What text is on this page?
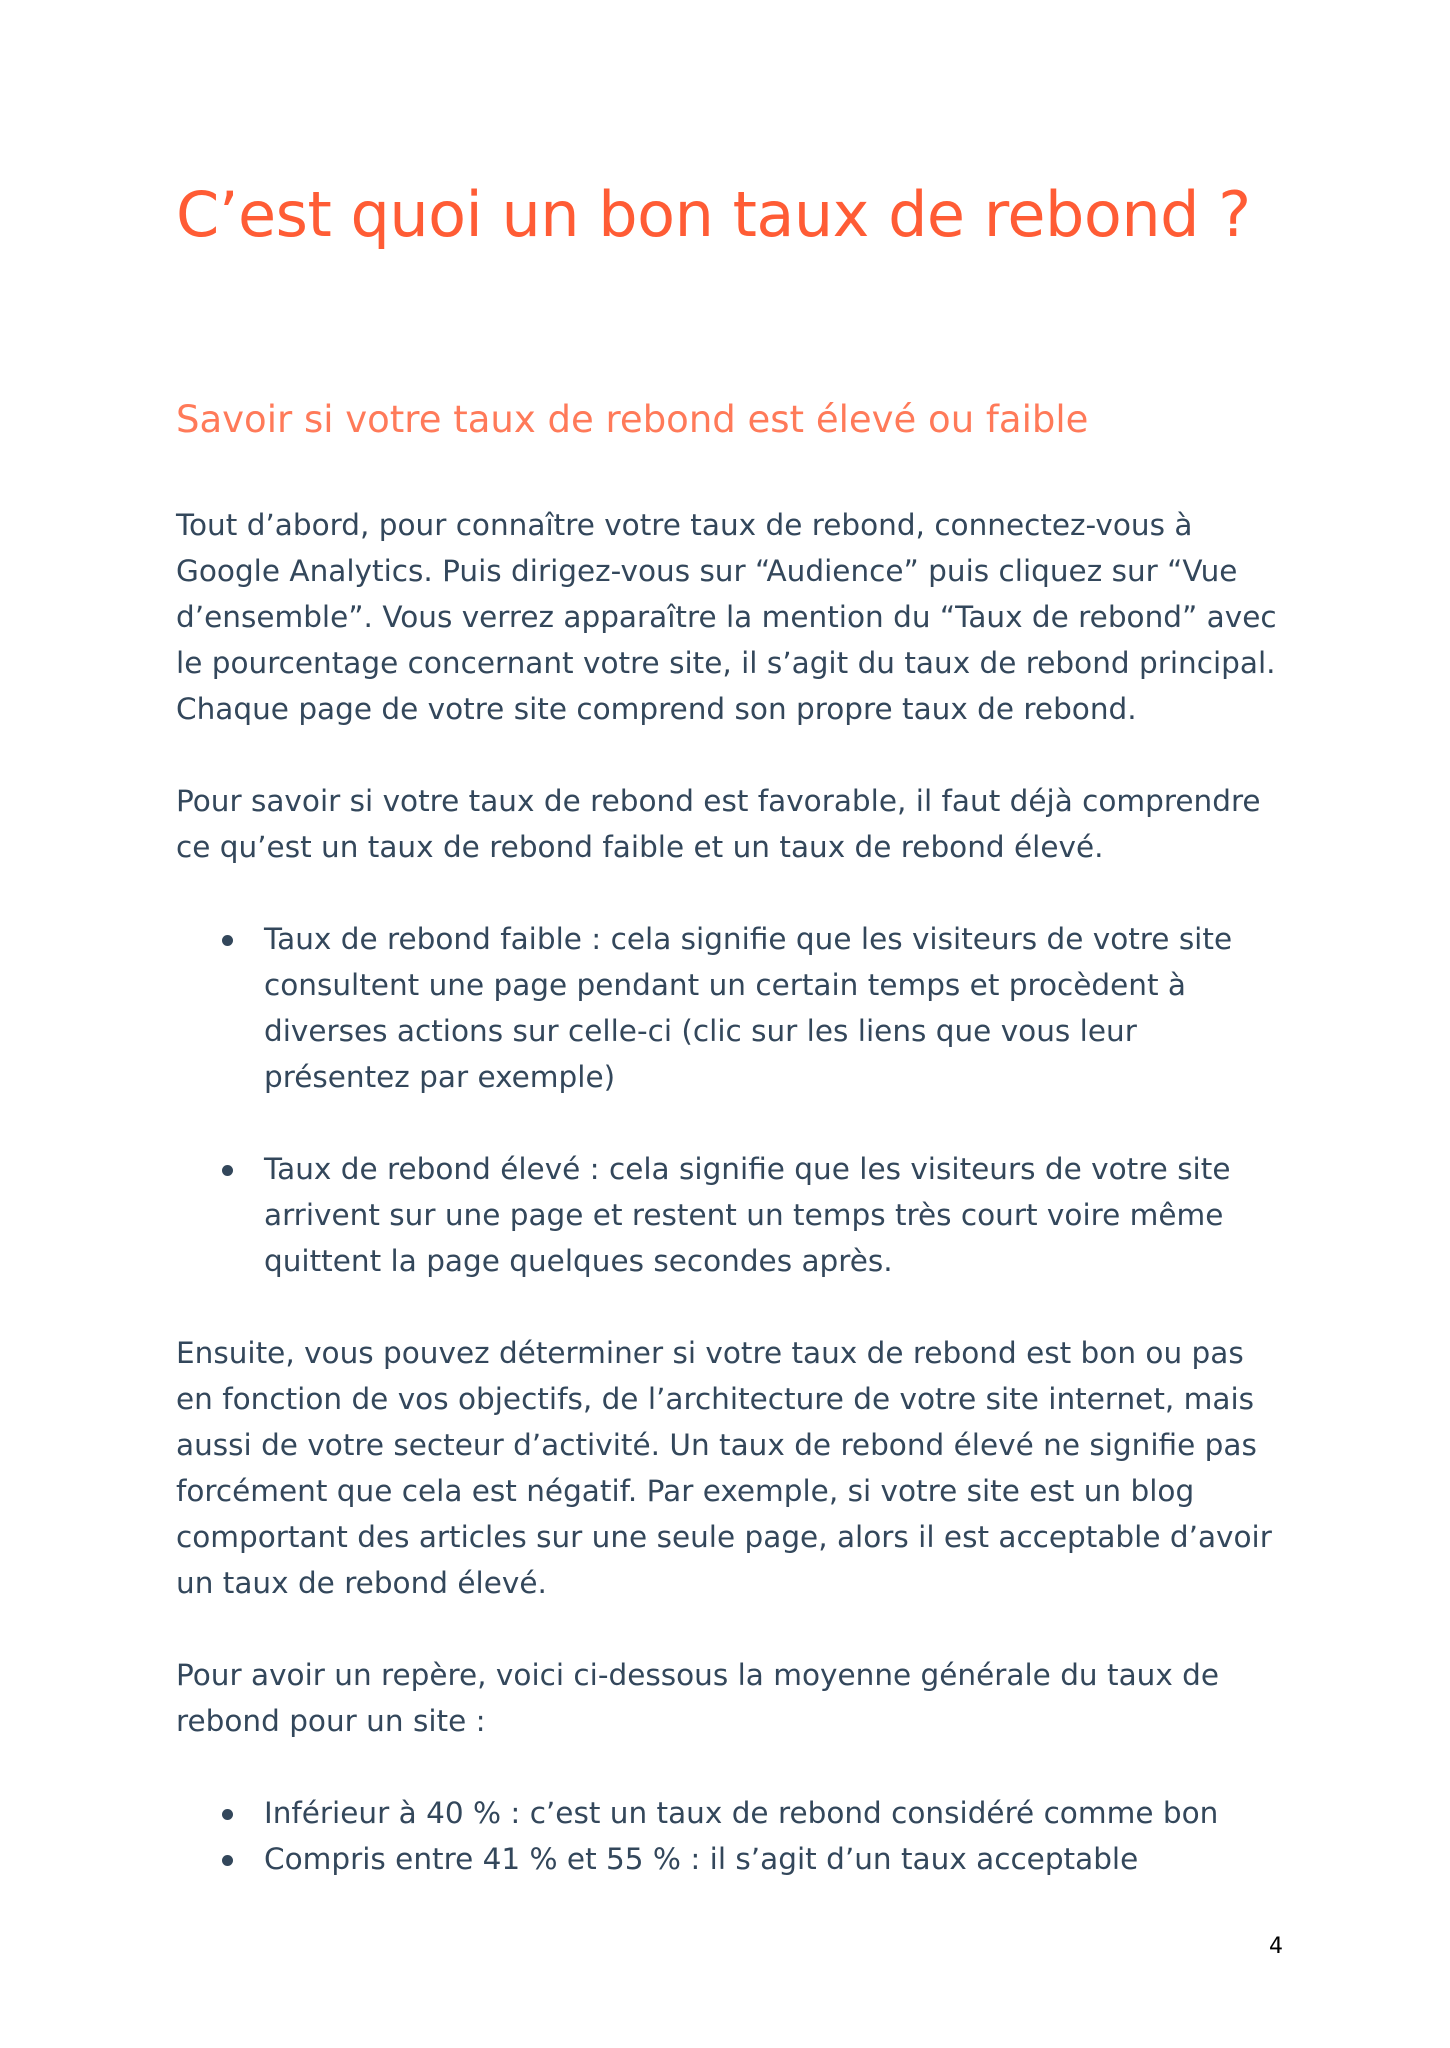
C’est quoi un bon taux de rebond ?
Savoir si votre taux de rebond est élevé ou faible

Tout d’abord, pour connaître votre taux de rebond, connectez-vous à Google Analytics. Puis dirigez-vous sur “Audience” puis cliquez sur “Vue d’ensemble”. Vous verrez apparaître la mention du “Taux de rebond” avec le pourcentage concernant votre site, il s’agit du taux de rebond principal. Chaque page de votre site comprend son propre taux de rebond.

Pour savoir si votre taux de rebond est favorable, il faut déjà comprendre ce qu’est un taux de rebond faible et un taux de rebond élevé.

Taux de rebond faible : cela signifie que les visiteurs de votre site consultent une page pendant un certain temps et procèdent à diverses actions sur celle-ci (clic sur les liens que vous leur présentez par exemple)
Taux de rebond élevé : cela signifie que les visiteurs de votre site arrivent sur une page et restent un temps très court voire même quittent la page quelques secondes après.

Ensuite, vous pouvez déterminer si votre taux de rebond est bon ou pas en fonction de vos objectifs, de l’architecture de votre site internet, mais aussi de votre secteur d’activité. Un taux de rebond élevé ne signifie pas forcément que cela est négatif. Par exemple, si votre site est un blog comportant des articles sur une seule page, alors il est acceptable d’avoir un taux de rebond élevé.

Pour avoir un repère, voici ci-dessous la moyenne générale du taux de rebond pour un site :

Inférieur à 40 % : c’est un taux de rebond considéré comme bon
Compris entre 41 % et 55 % : il s’agit d’un taux acceptable
4
